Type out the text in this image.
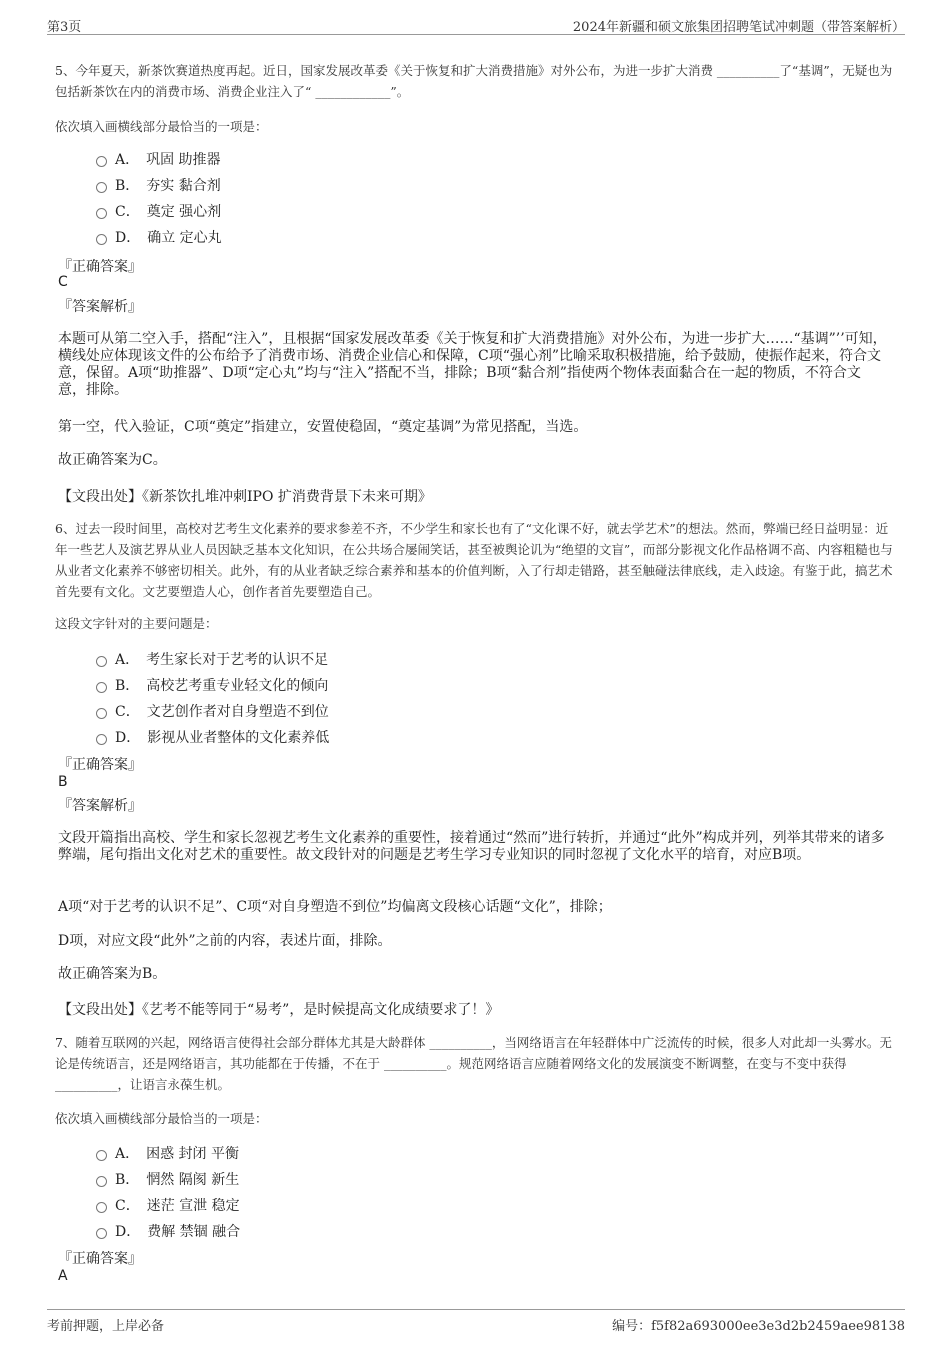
第3页	2024年新疆和硕文旅集团招聘笔试冲刺题（带答案解析）
5、今年夏天，新茶饮赛道热度再起。近日，国家发展改革委《关于恢复和扩大消费措施》对外公布，为进一步扩大消费 __________了“基调”，无疑也为包括新茶饮在内的消费市场、消费企业注入了“ ____________”。
依次填入画横线部分最恰当的一项是：
A．　巩固 助推器
B．　夯实 黏合剂
C．　奠定 强心剂
D．　确立 定心丸
『正确答案』
C
『答案解析』
本题可从第二空入手，搭配“注入”，且根据“国家发展改革委《关于恢复和扩大消费措施》对外公布，为进一步扩大……“基调”’’可知，横线处应体现该文件的公布给予了消费市场、消费企业信心和保障，C项“强心剂”比喻采取积极措施，给予鼓励，使振作起来，符合文意，保留。A项“助推器”、D项“定心丸”均与“注入”搭配不当，排除；B项“黏合剂”指使两个物体表面黏合在一起的物质，不符合文意，排除。
第一空，代入验证，C项“奠定”指建立，安置使稳固，“奠定基调”为常见搭配，当选。
故正确答案为C。
【文段出处】《新茶饮扎堆冲刺IPO 扩消费背景下未来可期》
6、过去一段时间里，高校对艺考生文化素养的要求参差不齐，不少学生和家长也有了“文化课不好，就去学艺术”的想法。然而，弊端已经日益明显：近年一些艺人及演艺界从业人员因缺乏基本文化知识，在公共场合屡闹笑话，甚至被舆论讥为“绝望的文盲”，而部分影视文化作品格调不高、内容粗糙也与从业者文化素养不够密切相关。此外，有的从业者缺乏综合素养和基本的价值判断，入了行却走错路，甚至触碰法律底线，走入歧途。有鉴于此，搞艺术首先要有文化。文艺要塑造人心，创作者首先要塑造自己。
这段文字针对的主要问题是：
A．　考生家长对于艺考的认识不足
B．　高校艺考重专业轻文化的倾向
C．　文艺创作者对自身塑造不到位
D．　影视从业者整体的文化素养低
『正确答案』
B
『答案解析』
文段开篇指出高校、学生和家长忽视艺考生文化素养的重要性，接着通过“然而”进行转折，并通过“此外”构成并列，列举其带来的诸多弊端，尾句指出文化对艺术的重要性。故文段针对的问题是艺考生学习专业知识的同时忽视了文化水平的培育，对应B项。
A项“对于艺考的认识不足”、C项“对自身塑造不到位”均偏离文段核心话题“文化”，排除；
D项，对应文段“此外”之前的内容，表述片面，排除。
故正确答案为B。
【文段出处】《艺考不能等同于“易考”，是时候提高文化成绩要求了！》
7、随着互联网的兴起，网络语言使得社会部分群体尤其是大龄群体 __________，当网络语言在年轻群体中广泛流传的时候，很多人对此却一头雾水。无论是传统语言，还是网络语言，其功能都在于传播，不在于 __________。规范网络语言应随着网络文化的发展演变不断调整，在变与不变中获得 __________，让语言永葆生机。
依次填入画横线部分最恰当的一项是：
A．　困惑 封闭 平衡
B．　惘然 隔阂 新生
C．　迷茫 宣泄 稳定
D．　费解 禁锢 融合
『正确答案』
A
考前押题，上岸必备	编号：f5f82a693000ee3e3d2b2459aee98138
